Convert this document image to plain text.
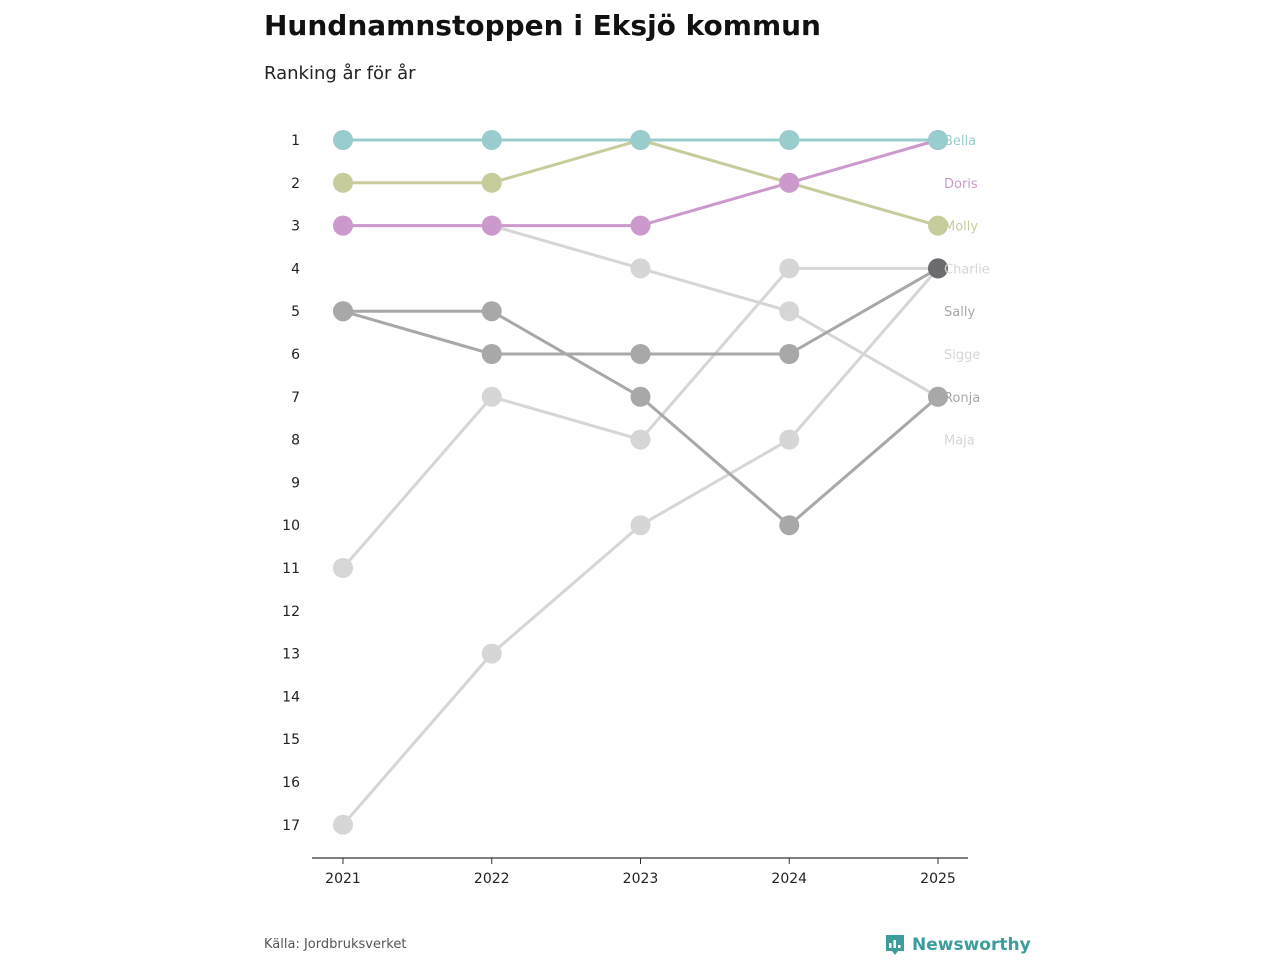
Hundnamnstoppen i Eksjö kommun

Ranking år för år

1
2
3
4
5
6
7
8
9
10
11
12
13
14
15
16
17
2021	2022	2023	2024	2025
Bella
Doris
Molly
Charlie
Sally
Sigge
Ronja
Maja
Källa: Jordbruksverket	Newsworthy
